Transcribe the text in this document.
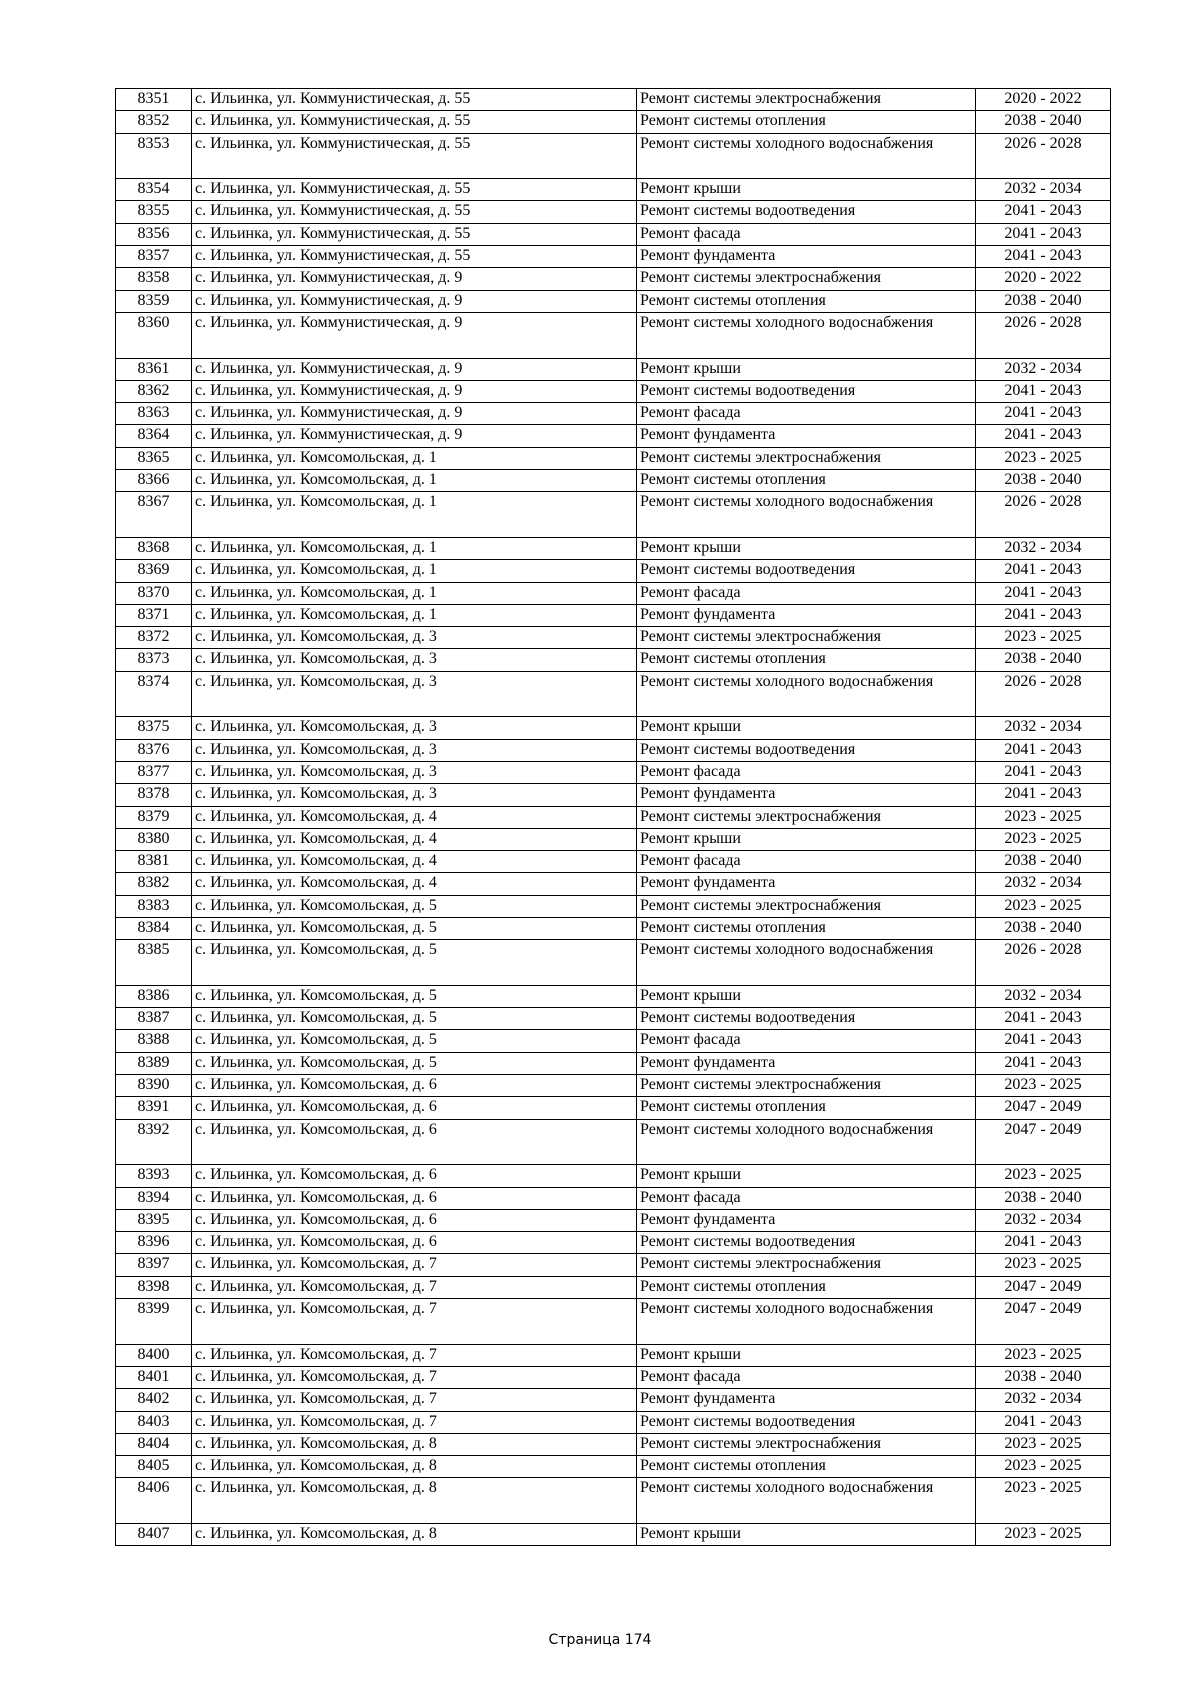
8351	с. Ильинка, ул. Коммунистическая, д. 55	Ремонт системы электроснабжения	2020 - 2022
8352	с. Ильинка, ул. Коммунистическая, д. 55	Ремонт системы отопления	2038 - 2040
8353	с. Ильинка, ул. Коммунистическая, д. 55	Ремонт системы холодного водоснабжения	2026 - 2028
8354	с. Ильинка, ул. Коммунистическая, д. 55	Ремонт крыши	2032 - 2034
8355	с. Ильинка, ул. Коммунистическая, д. 55	Ремонт системы водоотведения	2041 - 2043
8356	с. Ильинка, ул. Коммунистическая, д. 55	Ремонт фасада	2041 - 2043
8357	с. Ильинка, ул. Коммунистическая, д. 55	Ремонт фундамента	2041 - 2043
8358	с. Ильинка, ул. Коммунистическая, д. 9	Ремонт системы электроснабжения	2020 - 2022
8359	с. Ильинка, ул. Коммунистическая, д. 9	Ремонт системы отопления	2038 - 2040
8360	с. Ильинка, ул. Коммунистическая, д. 9	Ремонт системы холодного водоснабжения	2026 - 2028
8361	с. Ильинка, ул. Коммунистическая, д. 9	Ремонт крыши	2032 - 2034
8362	с. Ильинка, ул. Коммунистическая, д. 9	Ремонт системы водоотведения	2041 - 2043
8363	с. Ильинка, ул. Коммунистическая, д. 9	Ремонт фасада	2041 - 2043
8364	с. Ильинка, ул. Коммунистическая, д. 9	Ремонт фундамента	2041 - 2043
8365	с. Ильинка, ул. Комсомольская, д. 1	Ремонт системы электроснабжения	2023 - 2025
8366	с. Ильинка, ул. Комсомольская, д. 1	Ремонт системы отопления	2038 - 2040
8367	с. Ильинка, ул. Комсомольская, д. 1	Ремонт системы холодного водоснабжения	2026 - 2028
8368	с. Ильинка, ул. Комсомольская, д. 1	Ремонт крыши	2032 - 2034
8369	с. Ильинка, ул. Комсомольская, д. 1	Ремонт системы водоотведения	2041 - 2043
8370	с. Ильинка, ул. Комсомольская, д. 1	Ремонт фасада	2041 - 2043
8371	с. Ильинка, ул. Комсомольская, д. 1	Ремонт фундамента	2041 - 2043
8372	с. Ильинка, ул. Комсомольская, д. 3	Ремонт системы электроснабжения	2023 - 2025
8373	с. Ильинка, ул. Комсомольская, д. 3	Ремонт системы отопления	2038 - 2040
8374	с. Ильинка, ул. Комсомольская, д. 3	Ремонт системы холодного водоснабжения	2026 - 2028
8375	с. Ильинка, ул. Комсомольская, д. 3	Ремонт крыши	2032 - 2034
8376	с. Ильинка, ул. Комсомольская, д. 3	Ремонт системы водоотведения	2041 - 2043
8377	с. Ильинка, ул. Комсомольская, д. 3	Ремонт фасада	2041 - 2043
8378	с. Ильинка, ул. Комсомольская, д. 3	Ремонт фундамента	2041 - 2043
8379	с. Ильинка, ул. Комсомольская, д. 4	Ремонт системы электроснабжения	2023 - 2025
8380	с. Ильинка, ул. Комсомольская, д. 4	Ремонт крыши	2023 - 2025
8381	с. Ильинка, ул. Комсомольская, д. 4	Ремонт фасада	2038 - 2040
8382	с. Ильинка, ул. Комсомольская, д. 4	Ремонт фундамента	2032 - 2034
8383	с. Ильинка, ул. Комсомольская, д. 5	Ремонт системы электроснабжения	2023 - 2025
8384	с. Ильинка, ул. Комсомольская, д. 5	Ремонт системы отопления	2038 - 2040
8385	с. Ильинка, ул. Комсомольская, д. 5	Ремонт системы холодного водоснабжения	2026 - 2028
8386	с. Ильинка, ул. Комсомольская, д. 5	Ремонт крыши	2032 - 2034
8387	с. Ильинка, ул. Комсомольская, д. 5	Ремонт системы водоотведения	2041 - 2043
8388	с. Ильинка, ул. Комсомольская, д. 5	Ремонт фасада	2041 - 2043
8389	с. Ильинка, ул. Комсомольская, д. 5	Ремонт фундамента	2041 - 2043
8390	с. Ильинка, ул. Комсомольская, д. 6	Ремонт системы электроснабжения	2023 - 2025
8391	с. Ильинка, ул. Комсомольская, д. 6	Ремонт системы отопления	2047 - 2049
8392	с. Ильинка, ул. Комсомольская, д. 6	Ремонт системы холодного водоснабжения	2047 - 2049
8393	с. Ильинка, ул. Комсомольская, д. 6	Ремонт крыши	2023 - 2025
8394	с. Ильинка, ул. Комсомольская, д. 6	Ремонт фасада	2038 - 2040
8395	с. Ильинка, ул. Комсомольская, д. 6	Ремонт фундамента	2032 - 2034
8396	с. Ильинка, ул. Комсомольская, д. 6	Ремонт системы водоотведения	2041 - 2043
8397	с. Ильинка, ул. Комсомольская, д. 7	Ремонт системы электроснабжения	2023 - 2025
8398	с. Ильинка, ул. Комсомольская, д. 7	Ремонт системы отопления	2047 - 2049
8399	с. Ильинка, ул. Комсомольская, д. 7	Ремонт системы холодного водоснабжения	2047 - 2049
8400	с. Ильинка, ул. Комсомольская, д. 7	Ремонт крыши	2023 - 2025
8401	с. Ильинка, ул. Комсомольская, д. 7	Ремонт фасада	2038 - 2040
8402	с. Ильинка, ул. Комсомольская, д. 7	Ремонт фундамента	2032 - 2034
8403	с. Ильинка, ул. Комсомольская, д. 7	Ремонт системы водоотведения	2041 - 2043
8404	с. Ильинка, ул. Комсомольская, д. 8	Ремонт системы электроснабжения	2023 - 2025
8405	с. Ильинка, ул. Комсомольская, д. 8	Ремонт системы отопления	2023 - 2025
8406	с. Ильинка, ул. Комсомольская, д. 8	Ремонт системы холодного водоснабжения	2023 - 2025
8407	с. Ильинка, ул. Комсомольская, д. 8	Ремонт крыши	2023 - 2025
Страница 174
